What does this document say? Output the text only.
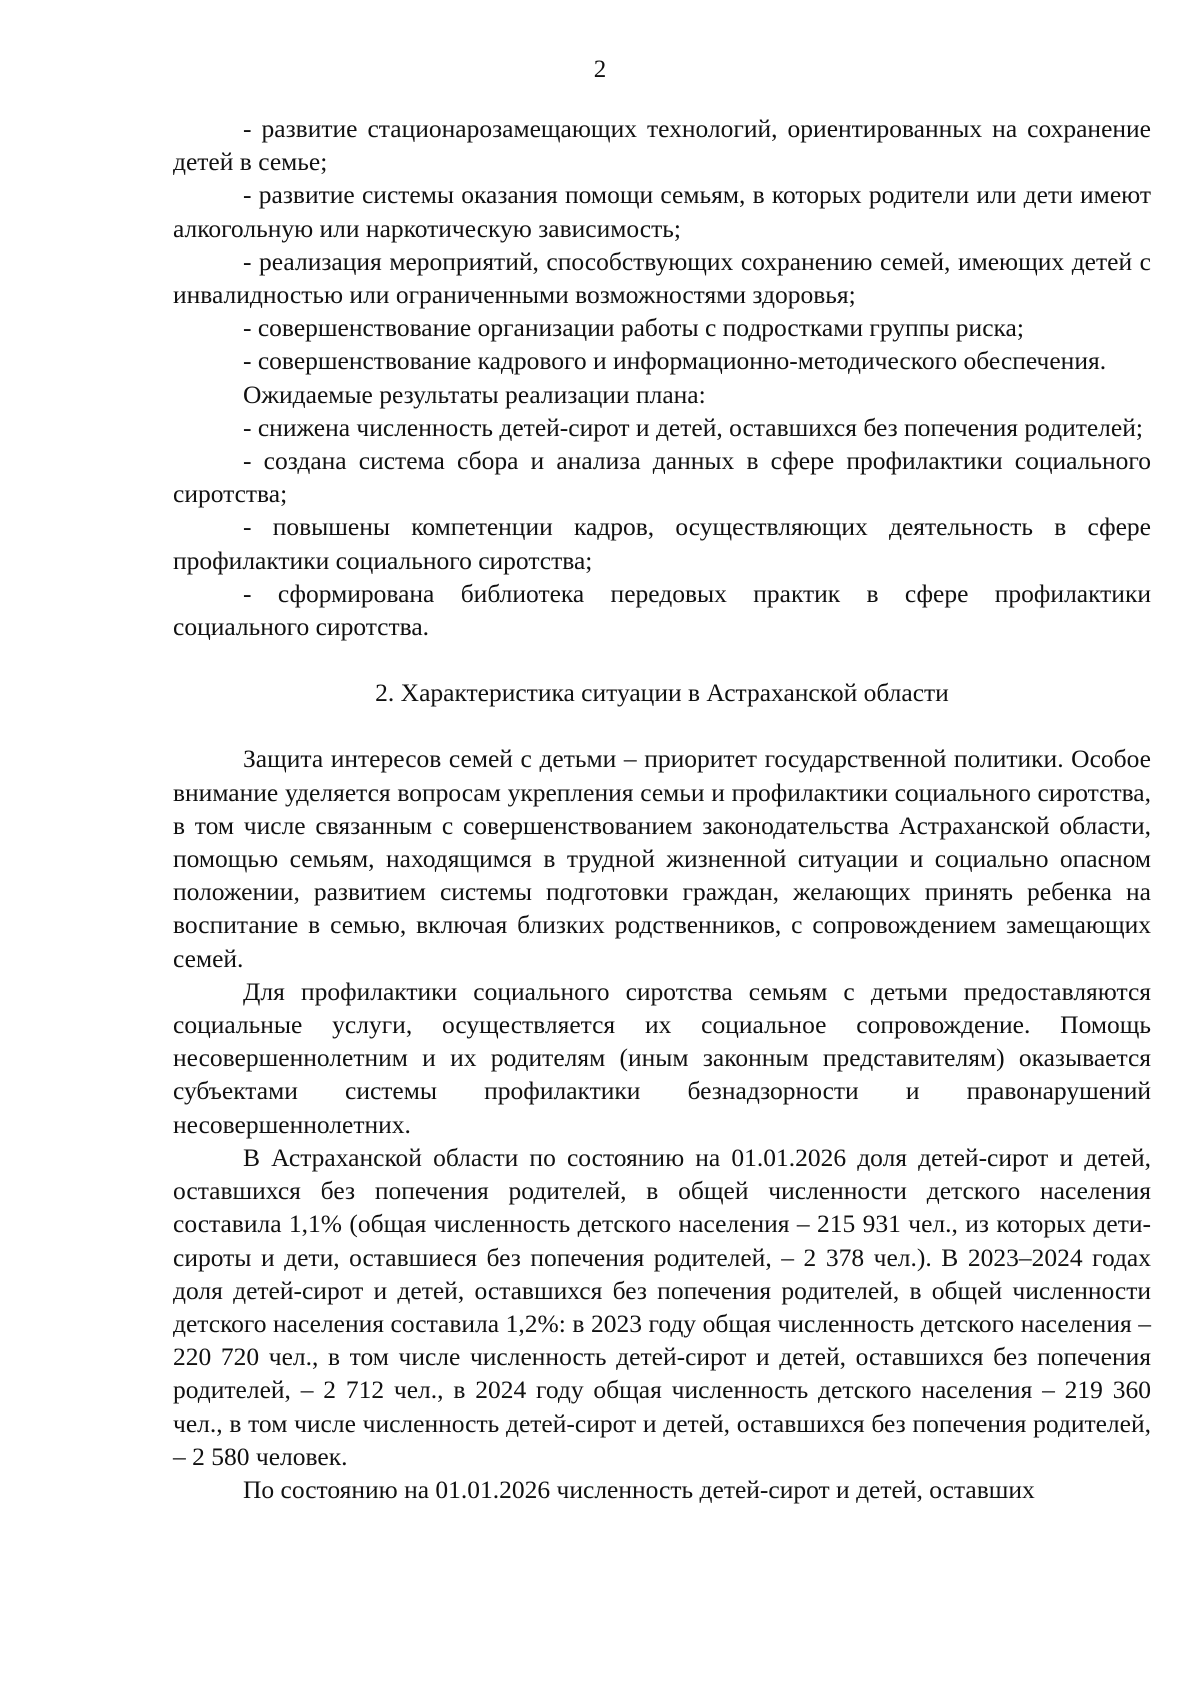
2

- развитие стационарозамещающих технологий, ориентированных на сохранение детей в семье;

- развитие системы оказания помощи семьям, в которых родители или дети имеют алкогольную или наркотическую зависимость;

- реализация мероприятий, способствующих сохранению семей, имеющих детей с инвалидностью или ограниченными возможностями здоровья;

- совершенствование организации работы с подростками группы риска;

- совершенствование кадрового и информационно-методического обеспечения.

Ожидаемые результаты реализации плана:

- снижена численность детей-сирот и детей, оставшихся без попечения родителей;

- создана система сбора и анализа данных в сфере профилактики социального сиротства;

- повышены компетенции кадров, осуществляющих деятельность в сфере профилактики социального сиротства;

- сформирована библиотека передовых практик в сфере профилактики социального сиротства.

2. Характеристика ситуации в Астраханской области

Защита интересов семей с детьми – приоритет государственной политики. Особое внимание уделяется вопросам укрепления семьи и профилактики социального сиротства, в том числе связанным с совершенствованием законодательства Астраханской области, помощью семьям, находящимся в трудной жизненной ситуации и социально опасном положении, развитием системы подготовки граждан, желающих принять ребенка на воспитание в семью, включая близких родственников, с сопровождением замещающих семей.

Для профилактики социального сиротства семьям с детьми предоставляются социальные услуги, осуществляется их социальное сопровождение. Помощь несовершеннолетним и их родителям (иным законным представителям) оказывается субъектами системы профилактики безнадзорности и правонарушений несовершеннолетних.

В Астраханской области по состоянию на 01.01.2026 доля детей-сирот и детей, оставшихся без попечения родителей, в общей численности детского населения составила 1,1% (общая численность детского населения – 215 931 чел., из которых дети-сироты и дети, оставшиеся без попечения родителей, – 2 378 чел.). В 2023–2024 годах доля детей-сирот и детей, оставшихся без попечения родителей, в общей численности детского населения составила 1,2%: в 2023 году общая численность детского населения – 220 720 чел., в том числе численность детей-сирот и детей, оставшихся без попечения родителей, – 2 712 чел., в 2024 году общая численность детского населения – 219 360 чел., в том числе численность детей-сирот и детей, оставшихся без попечения родителей, – 2 580 человек.

По состоянию на 01.01.2026 численность детей-сирот и детей, оставших
